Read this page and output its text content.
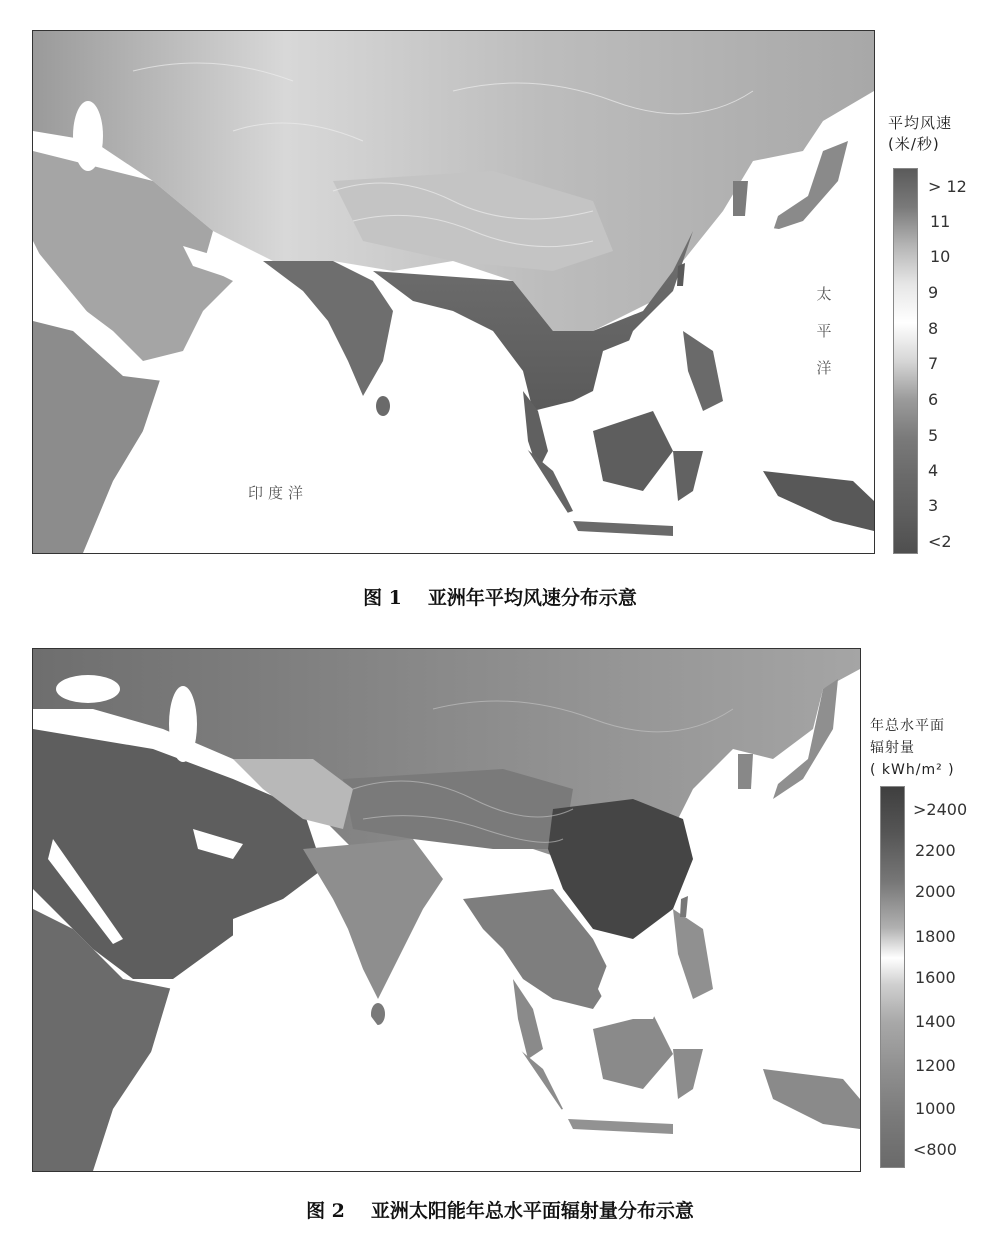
印度洋
太
平
洋
平均风速
(米/秒)
> 12
11
10
9
8
7
6
5
4
3
<2
图 1 亚洲年平均风速分布示意
年总水平面
辐射量
( kWh/m² )
>2400
2200
2000
1800
1600
1400
1200
1000
<800
图 2 亚洲太阳能年总水平面辐射量分布示意
